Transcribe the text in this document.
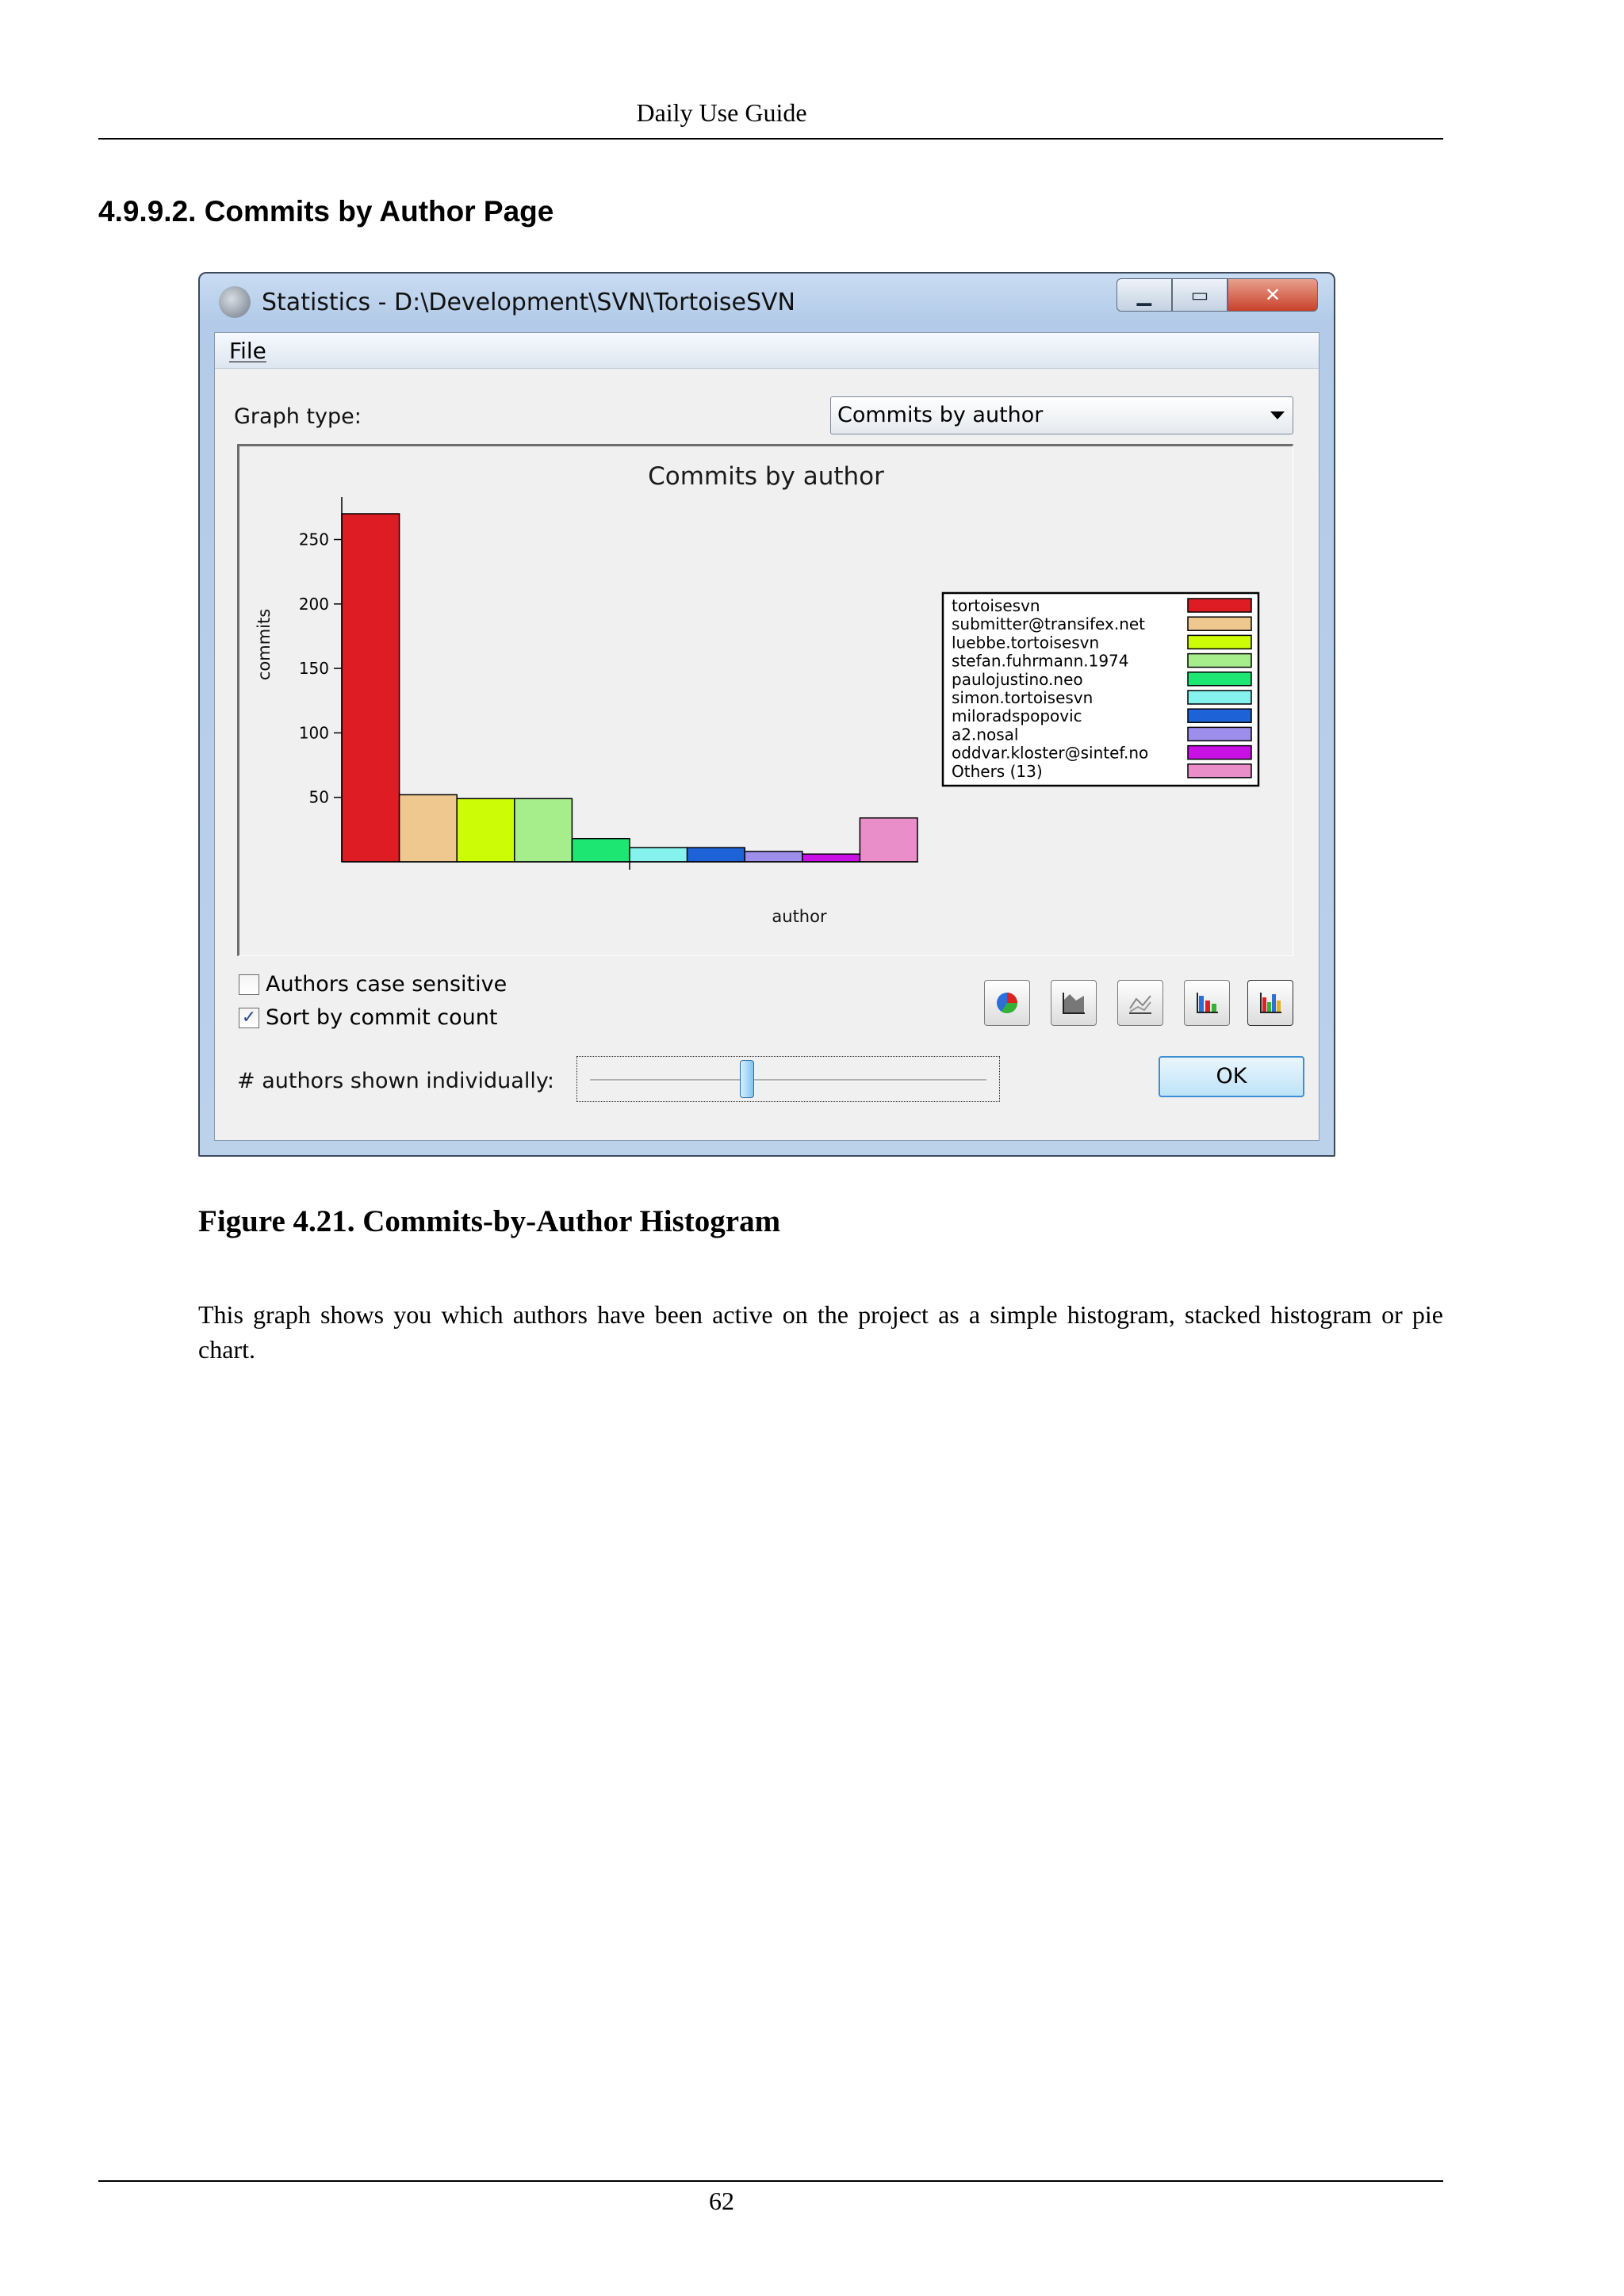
Daily Use Guide
4.9.9.2. Commits by Author Page
Statistics - D:\Development\SVN\TortoiseSVN	▁	▭	✕
File
Graph type:	Commits by author
Commits by author
commits
author
50
100
150
200
250
tortoisesvn
submitter@transifex.net
luebbe.tortoisesvn
stefan.fuhrmann.1974
paulojustino.neo
simon.tortoisesvn
miloradspopovic
a2.nosal
oddvar.kloster@sintef.no
Others (13)
Authors case sensitive
✓ Sort by commit count
# authors shown individually:	OK
Figure 4.21. Commits-by-Author Histogram
This graph shows you which authors have been active on the project as a simple histogram, stacked histogram or pie chart.
62
